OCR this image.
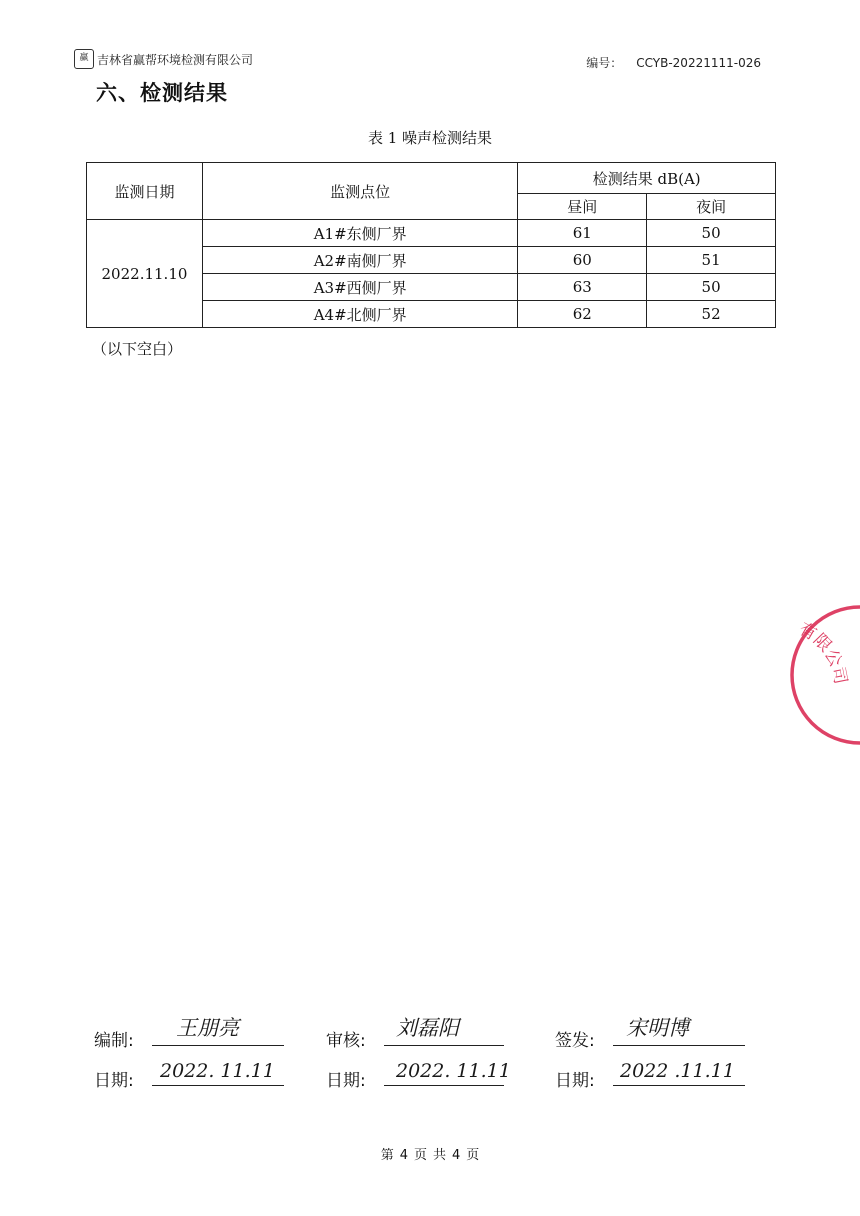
赢 吉林省赢帮环境检测有限公司	编号： CCYB-20221111-026
六、检测结果
表 1 噪声检测结果
监测日期	监测点位	检测结果 dB(A)	
		昼间	夜间
2022.11.10	A1#东侧厂界	61	50
	A2#南侧厂界	60	51
	A3#西侧厂界	63	50
	A4#北侧厂界	62	52
（以下空白）
有限公司
编制:
王朋亮
审核:
刘磊阳
签发:
宋明博
日期: 2022. 11.11	日期: 2022. 11.11	日期: 2022 .11.11
第 4 页 共 4 页
